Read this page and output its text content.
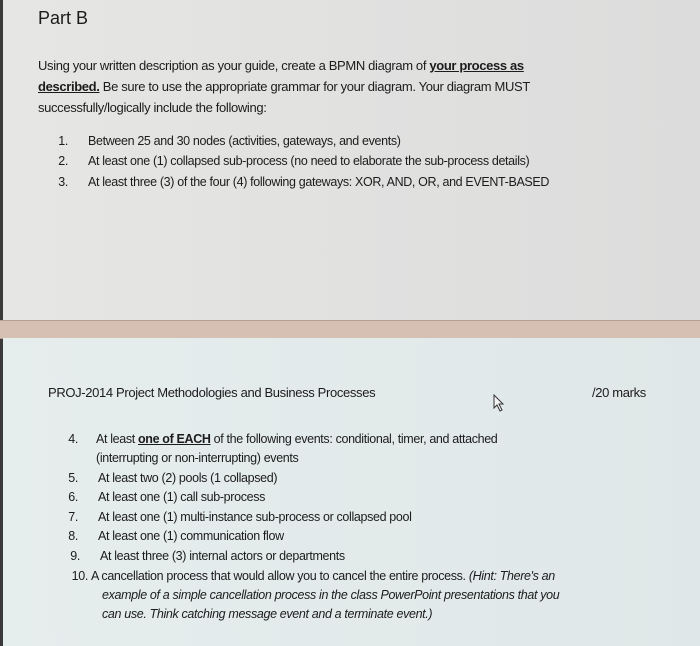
Part B
Using your written description as your guide, create a BPMN diagram of your process as
described. Be sure to use the appropriate grammar for your diagram. Your diagram MUST
successfully/logically include the following:
1. Between 25 and 30 nodes (activities, gateways, and events)
2. At least one (1) collapsed sub-process (no need to elaborate the sub-process details)
3. At least three (3) of the four (4) following gateways: XOR, AND, OR, and EVENT-BASED
PROJ-2014 Project Methodologies and Business Processes	/20 marks
4. At least one of EACH of the following events: conditional, timer, and attached
(interrupting or non-interrupting) events
5. At least two (2) pools (1 collapsed)
6. At least one (1) call sub-process
7. At least one (1) multi-instance sub-process or collapsed pool
8. At least one (1) communication flow
9. At least three (3) internal actors or departments
10. A cancellation process that would allow you to cancel the entire process. (Hint: There's an
example of a simple cancellation process in the class PowerPoint presentations that you
can use. Think catching message event and a terminate event.)
